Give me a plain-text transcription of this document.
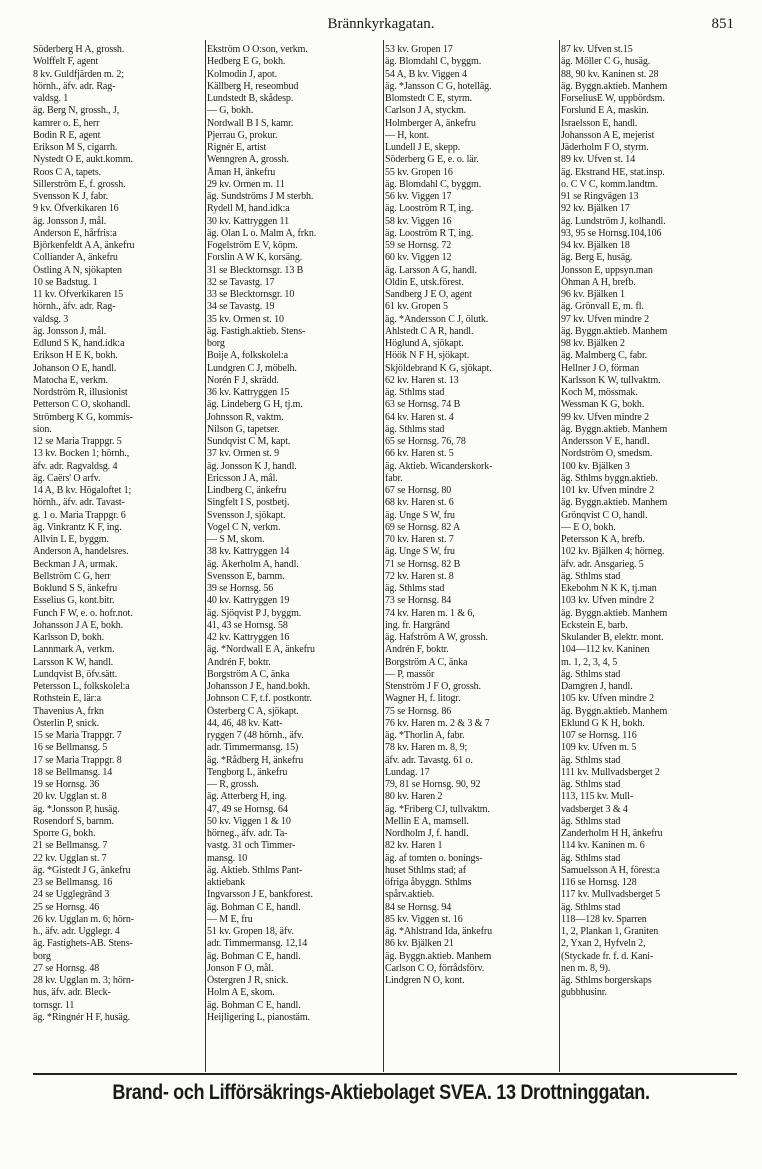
Brännkyrkagatan.	851
Söderberg H A, grossh.
Wolffelt F, agent
8 kv. Guldfjärden m. 2;
hörnh., äfv. adr. Rag-
valdsg. 1
äg. Berg N, grossh., J,
kamrer o. E, herr
Bodin R E, agent
Erikson M S, cigarrh.
Nystedt O E, aukt.komm.
Roos C A, tapets.
Sillerström E, f. grossh.
Svensson K J, fabr.
9 kv. Öfverkikaren 16
äg. Jonsson J, mål.
Anderson E, hårfris:a
Björkenfeldt A A, änkefru
Colliander A, änkefru
Östling A N, sjökapten
10 se Badstug. 1
11 kv. Öfverkikaren 15
hörnh., äfv. adr. Rag-
valdsg. 3
äg. Jonsson J, mål.
Edlund S K, hand.idk:a
Erikson H E K, bokh.
Johanson O E, handl.
Matocha E, verkm.
Nordström R, illusionist
Petterson C O, skohandl.
Strömberg K G, kommis-
sion.
12 se Maria Trappgr. 5
13 kv. Bocken 1; hörnh.,
äfv. adr. Ragvaldsg. 4
äg. Caërs' O arfv.
14 A, B kv. Högaloftet 1;
hörnh., äfv. adr. Tavast-
g. 1 o. Maria Trappgr. 6
äg. Vinkrantz K F, ing.
Allvin L E, byggm.
Anderson A, handelsres.
Beckman J A, urmak.
Bellström C G, herr
Boklund S S, änkefru
Esselius G, kont.bitr.
Funch F W, e. o. hofr.not.
Johansson J A E, bokh.
Karlsson D, bokh.
Lannmark A, verkm.
Larsson K W, handl.
Lundqvist B, öfv.sätt.
Petersson L, folkskolel:a
Rothstein E, lär:a
Thavenius A, frkn
Österlin P, snick.
15 se Maria Trappgr. 7
16 se Bellmansg. 5
17 se Maria Trappgr. 8
18 se Bellmansg. 14
19 se Hornsg. 36
20 kv. Ugglan st. 8
äg. *Jonsson P, husäg.
Rosendorf S, barnm.
Sporre G, bokh.
21 se Bellmansg. 7
22 kv. Ugglan st. 7
äg. *Gistedt J G, änkefru
23 se Bellmansg. 16
24 se Ugglegränd 3
25 se Hornsg. 46
26 kv. Ugglan m. 6; hörn-
h., äfv. adr. Ugglegr. 4
äg. Fastighets-AB. Stens-
borg
27 se Hornsg. 48
28 kv. Ugglan m. 3; hörn-
hus, äfv. adr. Bleck-
tornsgr. 11
äg. *Ringnér H F, husäg.
Ekström O O:son, verkm.
Hedberg E G, bokh.
Kolmodin J, apot.
Källberg H, reseombud
Lundstedt B, skådesp.
— G, bokh.
Nordwall B I S, kamr.
Pjerrau G, prokur.
Rignér E, artist
Wenngren A, grossh.
Åman H, änkefru
29 kv. Ormen m. 11
äg. Sundströms J M sterbh.
Rydell M, hand.idk:a
30 kv. Kattryggen 11
äg. Olan L o. Malm A, frkn.
Fogelström E V, köpm.
Forslin A W K, korsäng.
31 se Blecktornsgr. 13 B
32 se Tavastg. 17
33 se Blecktornsgr. 10
34 se Tavastg. 19
35 kv. Ormen st. 10
äg. Fastigh.aktieb. Stens-
borg
Boije A, folkskolel:a
Lundgren C J, möbelh.
Norén F J, skrädd.
36 kv. Kattryggen 15
äg. Lindeberg G H, tj.m.
Johnsson R, vaktm.
Nilson G, tapetser.
Sundqvist C M, kapt.
37 kv. Ormen st. 9
äg. Jonsson K J, handl.
Ericsson J A, mål.
Lindberg C, änkefru
Singfelt I S, postbetj.
Svensson J, sjökapt.
Vogel C N, verkm.
— S M, skom.
38 kv. Kattryggen 14
äg. Åkerholm A, handl.
Svensson E, barnm.
39 se Hornsg. 56
40 kv. Kattryggen 19
äg. Sjöqvist P J, byggm.
41, 43 se Hornsg. 58
42 kv. Kattryggen 16
äg. *Nordwall E A, änkefru
Andrén F, boktr.
Borgström A C, änka
Johansson J E, hand.bokh.
Johnson C F, t.f. postkontr.
Österberg C A, sjökapt.
44, 46, 48 kv. Katt-
ryggen 7 (48 hörnh., äfv.
adr. Timmermansg. 15)
äg. *Rådberg H, änkefru
Tengborg L, änkefru
— R, grossh.
äg. Atterberg H, ing.
47, 49 se Hornsg. 64
50 kv. Viggen 1 & 10
hörneg., äfv. adr. Ta-
vastg. 31 och Timmer-
mansg. 10
äg. Aktieb. Sthlms Pant-
aktiebank
Ingvarsson J E, bankforest.
äg. Bohman C E, handl.
— M E, fru
51 kv. Gropen 18, äfv.
adr. Timmermansg. 12,14
äg. Bohman C E, handl.
Jonson F O, mål.
Östergren J R, snick.
Holm A E, skom.
äg. Bohman C E, handl.
Heijligering L, pianostäm.
53 kv. Gropen 17
äg. Blomdahl C, byggm.
54 A, B kv. Viggen 4
äg. *Jansson C G, hotelläg.
Blomstedt C E, styrm.
Carlson J A, styckm.
Holmberger A, änkefru
— H, kont.
Lundell J E, skepp.
Söderberg G E, e. o. lär.
55 kv. Gropen 16
äg. Blomdahl C, byggm.
56 kv. Viggen 17
äg. Looström R T, ing.
58 kv. Viggen 16
äg. Looström R T, ing.
59 se Hornsg. 72
60 kv. Viggen 12
äg. Larsson A G, handl.
Oldin E, utsk.förest.
Sandberg J E O, agent
61 kv. Gropen 5
äg. *Andersson C J, ölutk.
Ahlstedt C A R, handl.
Höglund A, sjökapt.
Höök N F H, sjökapt.
Skjöldebrand K G, sjökapt.
62 kv. Haren st. 13
äg. Sthlms stad
63 se Hornsg. 74 B
64 kv. Haren st. 4
äg. Sthlms stad
65 se Hornsg. 76, 78
66 kv. Haren st. 5
äg. Aktieb. Wicanderskork-
fabr.
67 se Hornsg. 80
68 kv. Haren st. 6
äg. Unge S W, fru
69 se Hornsg. 82 A
70 kv. Haren st. 7
äg. Unge S W, fru
71 se Hornsg. 82 B
72 kv. Haren st. 8
äg. Sthlms stad
73 se Hornsg. 84
74 kv. Haren m. 1 & 6,
ing. fr. Hargränd
äg. Hafström A W, grossh.
Andrén F, boktr.
Borgström A C, änka
— P, massör
Stenström J F O, grossh.
Wagner H, f. litogr.
75 se Hornsg. 86
76 kv. Haren m. 2 & 3 & 7
äg. *Thorlin A, fabr.
78 kv. Haren m. 8, 9;
äfv. adr. Tavastg. 61 o.
Lundag. 17
79, 81 se Hornsg. 90, 92
80 kv. Haren 2
äg. *Friberg CJ, tullvaktm.
Mellin E A, mamsell.
Nordholm J, f. handl.
82 kv. Haren 1
äg. af tomten o. bonings-
huset Sthlms stad; af
öfriga åbyggn. Sthlms
spårv.aktieb.
84 se Hornsg. 94
85 kv. Viggen st. 16
äg. *Ahlstrand Ida, änkefru
86 kv. Bjälken 21
äg. Byggn.aktieb. Manhem
Carlson C O, förrådsförv.
Lindgren N O, kont.
87 kv. Ufven st.15
äg. Möller C G, husäg.
88, 90 kv. Kaninen st. 28
äg. Byggn.aktieb. Manhem
ForseliusE W, uppbördsm.
Forslund E A, maskin.
Israelsson E, handl.
Johansson A E, mejerist
Jäderholm F O, styrm.
89 kv. Ufven st. 14
äg. Ekstrand HE, stat.insp.
o. C V C, komm.landtm.
91 se Ringvägen 13
92 kv. Bjälken 17
äg. Lundström J, kolhandl.
93, 95 se Hornsg.104,106
94 kv. Bjälken 18
äg. Berg E, husäg.
Jonsson E, uppsyn.man
Öhman A H, brefb.
96 kv. Bjälken 1
äg. Grönvall E, m. fl.
97 kv. Ufven mindre 2
äg. Byggn.aktieb. Manhem
98 kv. Bjälken 2
äg. Malmberg C, fabr.
Hellner J O, förman
Karlsson K W, tullvaktm.
Koch M, mössmak.
Wessman K G, bokh.
99 kv. Ufven mindre 2
äg. Byggn.aktieb. Manhem
Andersson V E, handl.
Nordström O, smedsm.
100 kv. Bjälken 3
äg. Sthlms byggn.aktieb.
101 kv. Ufven mindre 2
äg. Byggn.aktieb. Manhem
Grönqvist C O, handl.
— E O, bokh.
Petersson K A, brefb.
102 kv. Bjälken 4; hörneg.
äfv. adr. Ansgarieg. 5
äg. Sthlms stad
Ekebohm N K K, tj.man
103 kv. Ufven mindre 2
äg. Byggn.aktieb. Manhem
Eckstein E, barb.
Skulander B, elektr. mont.
104—112 kv. Kaninen
m. 1, 2, 3, 4, 5
äg. Sthlms stad
Damgren J, handl.
105 kv. Ufven mindre 2
äg. Byggn.aktieb. Manhem
Eklund G K H, bokh.
107 se Hornsg. 116
109 kv. Ufven m. 5
äg. Sthlms stad
111 kv. Mullvadsberget 2
äg. Sthlms stad
113, 115 kv. Mull-
vadsberget 3 & 4
äg. Sthlms stad
Zanderholm H H, änkefru
114 kv. Kaninen m. 6
äg. Sthlms stad
Samuelsson A H, förest:a
116 se Hornsg. 128
117 kv. Mullvadsberget 5
äg. Sthlms stad
118—128 kv. Sparren
1, 2, Plankan 1, Graniten
2, Yxan 2, Hyfveln 2,
(Styckade fr. f. d. Kani-
nen m. 8, 9).
äg. Sthlms borgerskaps
gubbhusinr.
Brand- och Lifförsäkrings-Aktiebolaget SVEA. 13 Drottninggatan.
